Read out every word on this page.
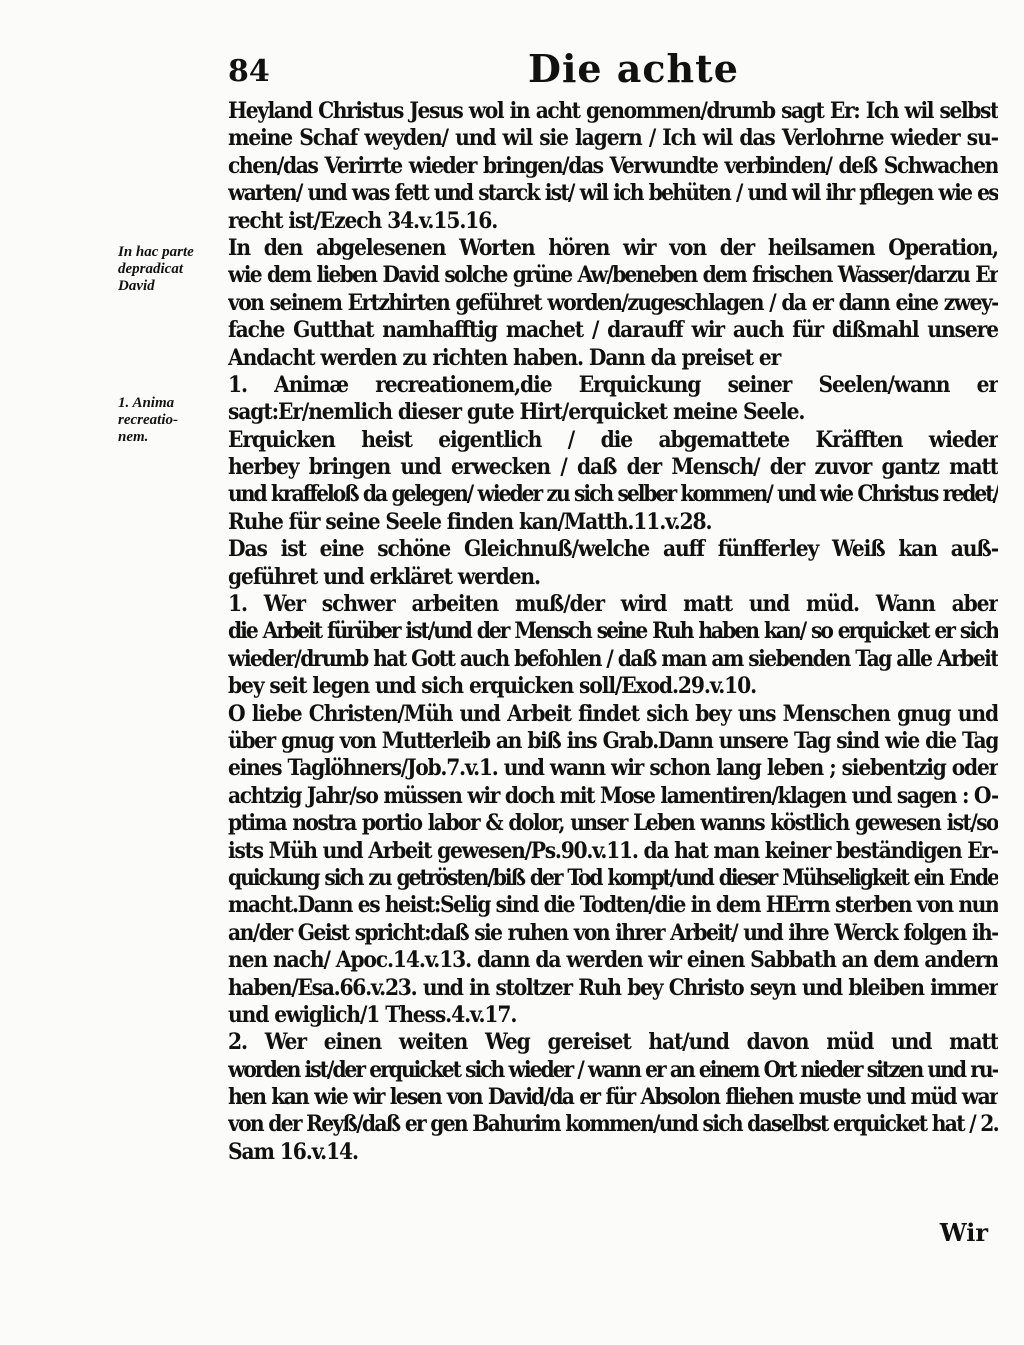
84	Die achte
In hac parte
depradicat
David
1. Anima
recreatio-
nem.
Heyland Christus Jesus wol in acht genommen/drumb sagt Er: Ich wil selbst
meine Schaf weyden/ und wil sie lagern / Ich wil das Verlohrne wieder su-
chen/das Verirrte wieder bringen/das Verwundte verbinden/ deß Schwachen
warten/ und was fett und starck ist/ wil ich behüten / und wil ihr pflegen wie es
recht ist/Ezech 34.v.15.16.
In den abgelesenen Worten hören wir von der heilsamen Operation,
wie dem lieben David solche grüne Aw/beneben dem frischen Wasser/darzu Er
von seinem Ertzhirten geführet worden/zugeschlagen / da er dann eine zwey-
fache Gutthat namhafftig machet / darauff wir auch für dißmahl unsere
Andacht werden zu richten haben. Dann da preiset er
1. Animæ recreationem,die Erquickung seiner Seelen/wann er
sagt:Er/nemlich dieser gute Hirt/erquicket meine Seele.
Erquicken heist eigentlich / die abgemattete Kräfften wieder
herbey bringen und erwecken / daß der Mensch/ der zuvor gantz matt
und kraffeloß da gelegen/ wieder zu sich selber kommen/ und wie Christus redet/
Ruhe für seine Seele finden kan/Matth.11.v.28.
Das ist eine schöne Gleichnuß/welche auff fünfferley Weiß kan auß-
geführet und erkläret werden.
1. Wer schwer arbeiten muß/der wird matt und müd. Wann aber
die Arbeit fürüber ist/und der Mensch seine Ruh haben kan/ so erquicket er sich
wieder/drumb hat Gott auch befohlen / daß man am siebenden Tag alle Arbeit
bey seit legen und sich erquicken soll/Exod.29.v.10.
O liebe Christen/Müh und Arbeit findet sich bey uns Menschen gnug und
über gnug von Mutterleib an biß ins Grab.Dann unsere Tag sind wie die Tag
eines Taglöhners/Job.7.v.1. und wann wir schon lang leben ; siebentzig oder
achtzig Jahr/so müssen wir doch mit Mose lamentiren/klagen und sagen : O-
ptima nostra portio labor & dolor, unser Leben wanns köstlich gewesen ist/so
ists Müh und Arbeit gewesen/Ps.90.v.11. da hat man keiner beständigen Er-
quickung sich zu getrösten/biß der Tod kompt/und dieser Mühseligkeit ein Ende
macht.Dann es heist:Selig sind die Todten/die in dem HErrn sterben von nun
an/der Geist spricht:daß sie ruhen von ihrer Arbeit/ und ihre Werck folgen ih-
nen nach/ Apoc.14.v.13. dann da werden wir einen Sabbath an dem andern
haben/Esa.66.v.23. und in stoltzer Ruh bey Christo seyn und bleiben immer
und ewiglich/1 Thess.4.v.17.
2. Wer einen weiten Weg gereiset hat/und davon müd und matt
worden ist/der erquicket sich wieder / wann er an einem Ort nieder sitzen und ru-
hen kan wie wir lesen von David/da er für Absolon fliehen muste und müd war
von der Reyß/daß er gen Bahurim kommen/und sich daselbst erquicket hat / 2.
Sam 16.v.14.
Wir
